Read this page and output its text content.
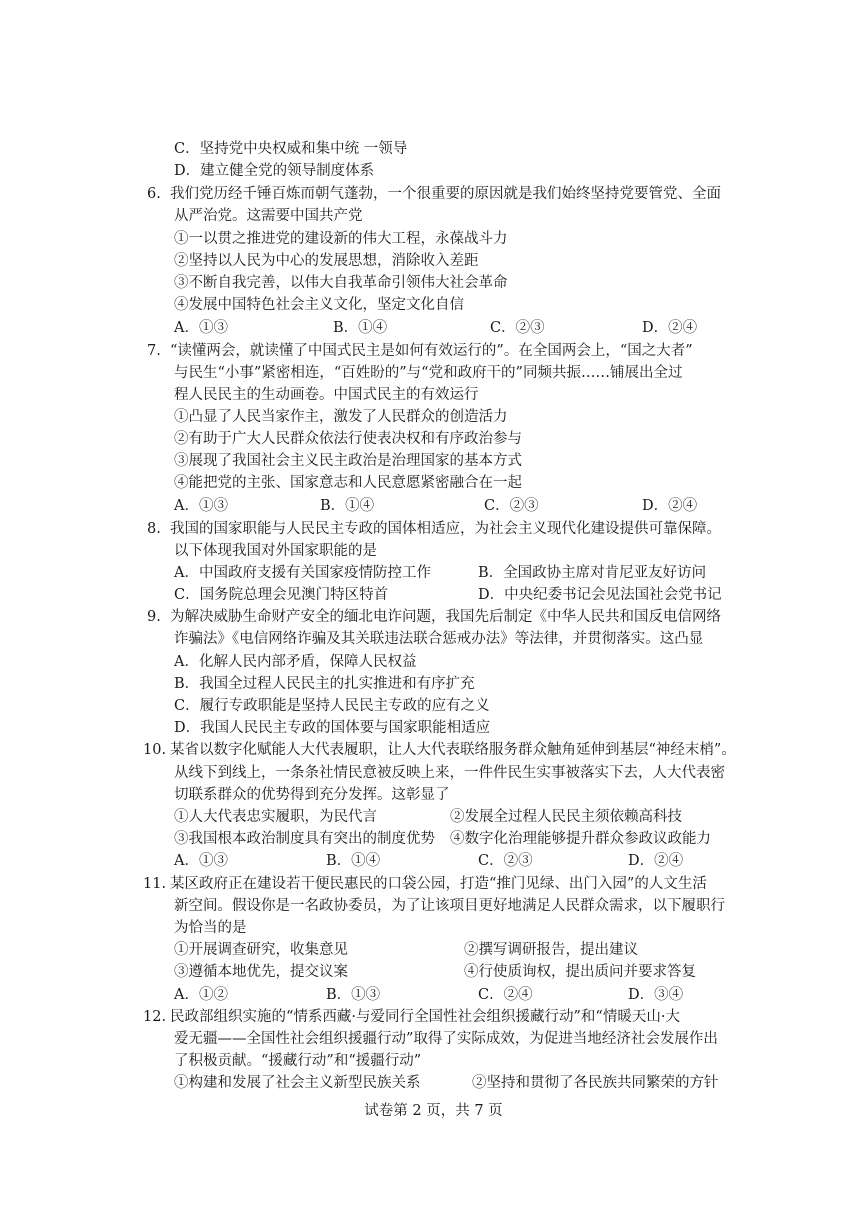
C．坚持党中央权威和集中统 一领导
D．建立健全党的领导制度体系
6. 我们党历经千锤百炼而朝气蓬勃，一个很重要的原因就是我们始终坚持党要管党、全面
从严治党。这需要中国共产党
①一以贯之推进党的建设新的伟大工程，永葆战斗力
②坚持以人民为中心的发展思想，消除收入差距
③不断自我完善，以伟大自我革命引领伟大社会革命
④发展中国特色社会主义文化，坚定文化自信
A．①③	B．①④	C．②③	D．②④
7. “读懂两会，就读懂了中国式民主是如何有效运行的”。在全国两会上，“国之大者”
与民生“小事”紧密相连，“百姓盼的”与“党和政府干的”同频共振……铺展出全过
程人民民主的生动画卷。中国式民主的有效运行
①凸显了人民当家作主，激发了人民群众的创造活力
②有助于广大人民群众依法行使表决权和有序政治参与
③展现了我国社会主义民主政治是治理国家的基本方式
④能把党的主张、国家意志和人民意愿紧密融合在一起
A．①③	B．①④	C．②③	D．②④
8. 我国的国家职能与人民民主专政的国体相适应，为社会主义现代化建设提供可靠保障。
以下体现我国对外国家职能的是
A．中国政府支援有关国家疫情防控工作	B．全国政协主席对肯尼亚友好访问
C．国务院总理会见澳门特区特首	D．中央纪委书记会见法国社会党书记
9. 为解决威胁生命财产安全的缅北电诈问题，我国先后制定《中华人民共和国反电信网络
诈骗法》《电信网络诈骗及其关联违法联合惩戒办法》等法律，并贯彻落实。这凸显
A．化解人民内部矛盾，保障人民权益
B．我国全过程人民民主的扎实推进和有序扩充
C．履行专政职能是坚持人民民主专政的应有之义
D．我国人民民主专政的国体要与国家职能相适应
10. 某省以数字化赋能人大代表履职，让人大代表联络服务群众触角延伸到基层“神经末梢”。
从线下到线上，一条条社情民意被反映上来，一件件民生实事被落实下去，人大代表密
切联系群众的优势得到充分发挥。这彰显了
①人大代表忠实履职，为民代言	②发展全过程人民民主须依赖高科技
③我国根本政治制度具有突出的制度优势 ④数字化治理能够提升群众参政议政能力
A．①③	B．①④	C．②③	D．②④
11. 某区政府正在建设若干便民惠民的口袋公园，打造“推门见绿、出门入园”的人文生活
新空间。假设你是一名政协委员，为了让该项目更好地满足人民群众需求，以下履职行
为恰当的是
①开展调查研究，收集意见	②撰写调研报告，提出建议
③遵循本地优先，提交议案	④行使质询权，提出质问并要求答复
A．①②	B．①③	C．②④	D．③④
12. 民政部组织实施的“情系西藏·与爱同行全国性社会组织援藏行动”和“情暖天山·大
爱无疆——全国性社会组织援疆行动”取得了实际成效，为促进当地经济社会发展作出
了积极贡献。“援藏行动”和“援疆行动”
①构建和发展了社会主义新型民族关系	②坚持和贯彻了各民族共同繁荣的方针
试卷第 2 页，共 7 页
